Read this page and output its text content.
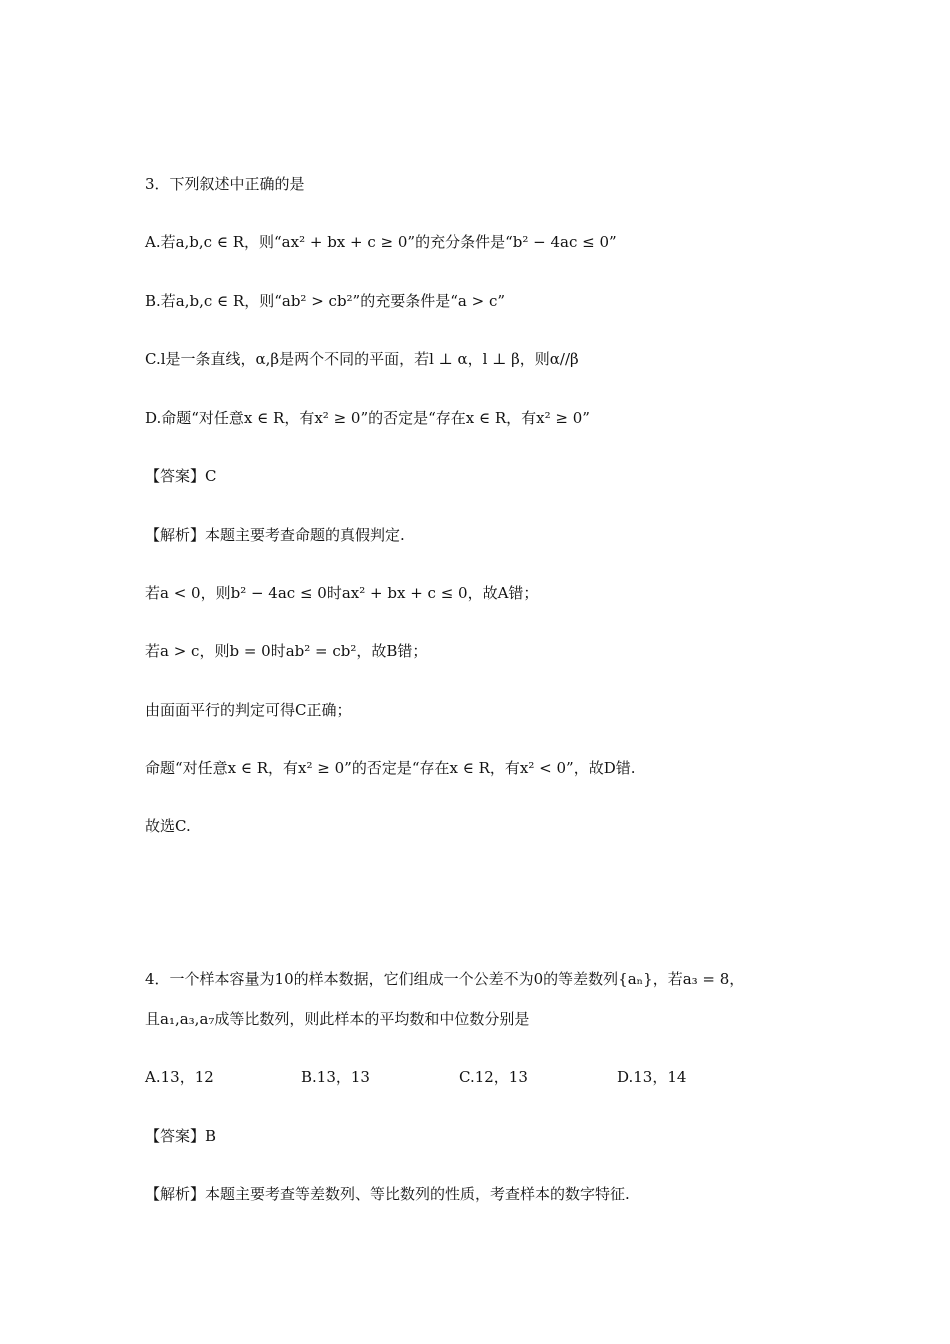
3．下列叙述中正确的是
A.若a,b,c ∈ R，则“ax² + bx + c ≥ 0”的充分条件是“b² − 4ac ≤ 0”
B.若a,b,c ∈ R，则“ab² > cb²”的充要条件是“a > c”
C.l是一条直线，α,β是两个不同的平面，若l ⊥ α，l ⊥ β，则α//β
D.命题“对任意x ∈ R，有x² ≥ 0”的否定是“存在x ∈ R，有x² ≥ 0”
【答案】C
【解析】本题主要考查命题的真假判定.
若a < 0，则b² − 4ac ≤ 0时ax² + bx + c ≤ 0，故A错；
若a > c，则b = 0时ab² = cb²，故B错；
由面面平行的判定可得C正确；
命题“对任意x ∈ R，有x² ≥ 0”的否定是“存在x ∈ R，有x² < 0”，故D错.
故选C.
4．一个样本容量为10的样本数据，它们组成一个公差不为0的等差数列{aₙ}，若a₃ = 8，
且a₁,a₃,a₇成等比数列，则此样本的平均数和中位数分别是
A.13，12	B.13，13	C.12，13	D.13，14
【答案】B
【解析】本题主要考查等差数列、等比数列的性质，考查样本的数字特征.
